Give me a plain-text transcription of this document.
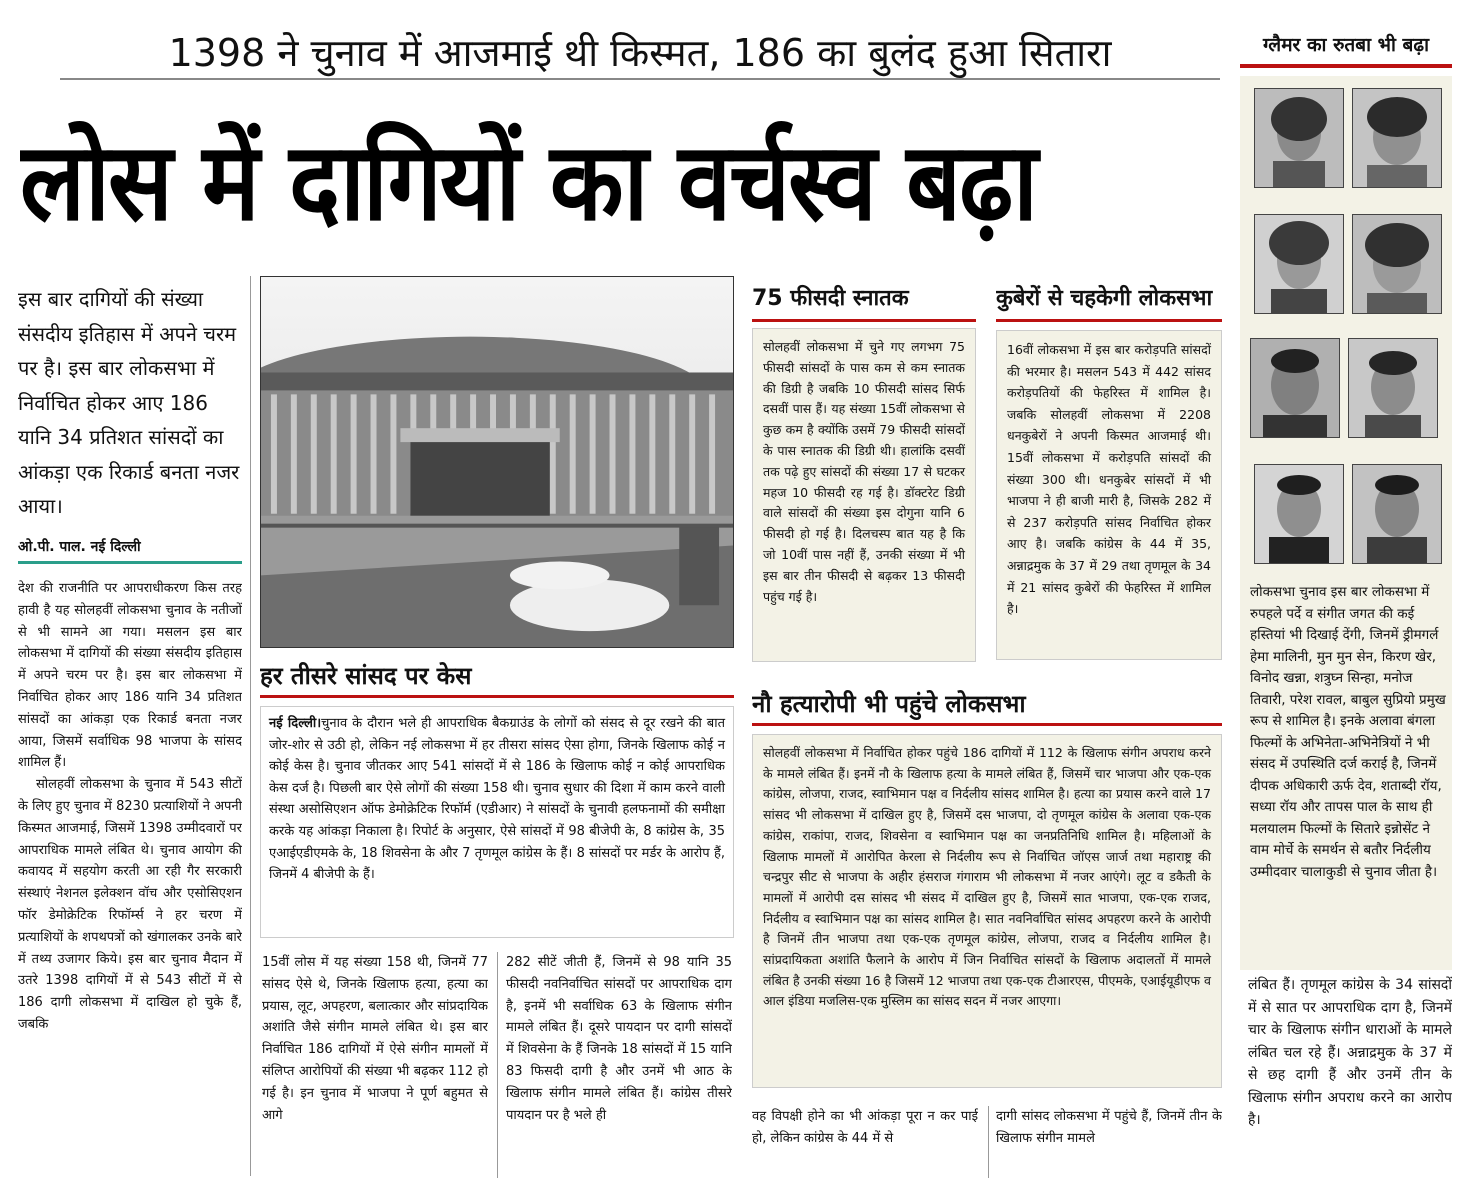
1398 ने चुनाव में आजमाई थी किस्मत, 186 का बुलंद हुआ सितारा
लोस में दागियों का वर्चस्व बढ़ा
ग्लैमर का रुतबा भी बढ़ा
लोकसभा चुनाव इस बार लोकसभा में रुपहले पर्दे व संगीत जगत की कई हस्तियां भी दिखाई देंगी, जिनमें ड्रीमगर्ल हेमा मालिनी, मुन मुन सेन, किरण खेर, विनोद खन्ना, शत्रुघ्न सिन्हा, मनोज तिवारी, परेश रावल, बाबुल सुप्रियो प्रमुख रूप से शामिल है। इनके अलावा बंगला फिल्मों के अभिनेता-अभिनेत्रियों ने भी संसद में उपस्थिति दर्ज कराई है, जिनमें दीपक अधिकारी ऊर्फ देव, शताब्दी रॉय, सध्या रॉय और तापस पाल के साथ ही मलयालम फिल्मों के सितारे इन्नोसेंट ने वाम मोर्चे के समर्थन से बतौर निर्दलीय उम्मीदवार चालाकुडी से चुनाव जीता है।
लंबित हैं। तृणमूल कांग्रेस के 34 सांसदों में से सात पर आपराधिक दाग है, जिनमें चार के खिलाफ संगीन धाराओं के मामले लंबित चल रहे हैं। अन्नाद्रमुक के 37 में से छह दागी हैं और उनमें तीन के खिलाफ संगीन अपराध करने का आरोप है।
इस बार दागियों की संख्या संसदीय इतिहास में अपने चरम पर है। इस बार लोकसभा में निर्वाचित होकर आए 186 यानि 34 प्रतिशत सांसदों का आंकड़ा एक रिकार्ड बनता नजर आया।
ओ.पी. पाल. नई दिल्ली

देश की राजनीति पर आपराधीकरण किस तरह हावी है यह सोलहवीं लोकसभा चुनाव के नतीजों से भी सामने आ गया। मसलन इस बार लोकसभा में दागियों की संख्या संसदीय इतिहास में अपने चरम पर है। इस बार लोकसभा में निर्वाचित होकर आए 186 यानि 34 प्रतिशत सांसदों का आंकड़ा एक रिकार्ड बनता नजर आया, जिसमें सर्वाधिक 98 भाजपा के सांसद शामिल हैं।

सोलहवीं लोकसभा के चुनाव में 543 सीटों के लिए हुए चुनाव में 8230 प्रत्याशियों ने अपनी किस्मत आजमाई, जिसमें 1398 उम्मीदवारों पर आपराधिक मामले लंबित थे। चुनाव आयोग की कवायद में सहयोग करती आ रही गैर सरकारी संस्थाएं नेशनल इलेक्शन वॉच और एसोसिएशन फॉर डेमोक्रेटिक रिफॉर्म्स ने हर चरण में प्रत्याशियों के शपथपत्रों को खंगालकर उनके बारे में तथ्य उजागर किये। इस बार चुनाव मैदान में उतरे 1398 दागियों में से 543 सीटों में से 186 दागी लोकसभा में दाखिल हो चुके हैं, जबकि

हर तीसरे सांसद पर केस
नई दिल्ली।चुनाव के दौरान भले ही आपराधिक बैकग्राउंड के लोगों को संसद से दूर रखने की बात जोर-शोर से उठी हो, लेकिन नई लोकसभा में हर तीसरा सांसद ऐसा होगा, जिनके खिलाफ कोई न कोई केस है। चुनाव जीतकर आए 541 सांसदों में से 186 के खिलाफ कोई न कोई आपराधिक केस दर्ज है। पिछली बार ऐसे लोगों की संख्या 158 थी। चुनाव सुधार की दिशा में काम करने वाली संस्था असोसिएशन ऑफ डेमोक्रेटिक रिफॉर्म (एडीआर) ने सांसदों के चुनावी हलफनामों की समीक्षा करके यह आंकड़ा निकाला है। रिपोर्ट के अनुसार, ऐसे सांसदों में 98 बीजेपी के, 8 कांग्रेस के, 35 एआईएडीएमके के, 18 शिवसेना के और 7 तृणमूल कांग्रेस के हैं। 8 सांसदों पर मर्डर के आरोप हैं, जिनमें 4 बीजेपी के हैं।
15वीं लोस में यह संख्या 158 थी, जिनमें 77 सांसद ऐसे थे, जिनके खिलाफ हत्या, हत्या का प्रयास, लूट, अपहरण, बलात्कार और सांप्रदायिक अशांति जैसे संगीन मामले लंबित थे। इस बार निर्वाचित 186 दागियों में ऐसे संगीन मामलों में संलिप्त आरोपियों की संख्या भी बढ़कर 112 हो गई है। इन चुनाव में भाजपा ने पूर्ण बहुमत से आगे
282 सीटें जीती हैं, जिनमें से 98 यानि 35 फीसदी नवनिर्वाचित सांसदों पर आपराधिक दाग है, इनमें भी सर्वाधिक 63 के खिलाफ संगीन मामले लंबित हैं। दूसरे पायदान पर दागी सांसदों में शिवसेना के हैं जिनके 18 सांसदों में 15 यानि 83 फिसदी दागी है और उनमें भी आठ के खिलाफ संगीन मामले लंबित हैं। कांग्रेस तीसरे पायदान पर है भले ही
75 फीसदी स्नातक
सोलहवीं लोकसभा में चुने गए लगभग 75 फीसदी सांसदों के पास कम से कम स्नातक की डिग्री है जबकि 10 फीसदी सांसद सिर्फ दसवीं पास हैं। यह संख्या 15वीं लोकसभा से कुछ कम है क्योंकि उसमें 79 फीसदी सांसदों के पास स्नातक की डिग्री थी। हालांकि दसवीं तक पढ़े हुए सांसदों की संख्या 17 से घटकर महज 10 फीसदी रह गई है। डॉक्टरेट डिग्री वाले सांसदों की संख्या इस दोगुना यानि 6 फीसदी हो गई है। दिलचस्प बात यह है कि जो 10वीं पास नहीं हैं, उनकी संख्या में भी इस बार तीन फीसदी से बढ़कर 13 फीसदी पहुंच गई है।
कुबेरों से चहकेगी लोकसभा
16वीं लोकसभा में इस बार करोड़पति सांसदों की भरमार है। मसलन 543 में 442 सांसद करोड़पतियों की फेहरिस्त में शामिल है। जबकि सोलहवीं लोकसभा में 2208 धनकुबेरों ने अपनी किस्मत आजमाई थी। 15वीं लोकसभा में करोड़पति सांसदों की संख्या 300 थी। धनकुबेर सांसदों में भी भाजपा ने ही बाजी मारी है, जिसके 282 में से 237 करोड़पति सांसद निर्वाचित होकर आए है। जबकि कांग्रेस के 44 में 35, अन्नाद्रमुक के 37 में 29 तथा तृणमूल के 34 में 21 सांसद कुबेरों की फेहरिस्त में शामिल है।
नौ हत्यारोपी भी पहुंचे लोकसभा
सोलहवीं लोकसभा में निर्वाचित होकर पहुंचे 186 दागियों में 112 के खिलाफ संगीन अपराध करने के मामले लंबित हैं। इनमें नौ के खिलाफ हत्या के मामले लंबित हैं, जिसमें चार भाजपा और एक-एक कांग्रेस, लोजपा, राजद, स्वाभिमान पक्ष व निर्दलीय सांसद शामिल है। हत्या का प्रयास करने वाले 17 सांसद भी लोकसभा में दाखिल हुए है, जिसमें दस भाजपा, दो तृणमूल कांग्रेस के अलावा एक-एक कांग्रेस, राकांपा, राजद, शिवसेना व स्वाभिमान पक्ष का जनप्रतिनिधि शामिल है। महिलाओं के खिलाफ मामलों में आरोपित केरला से निर्दलीय रूप से निर्वाचित जॉएस जार्ज तथा महाराष्ट्र की चन्द्रपुर सीट से भाजपा के अहीर हंसराज गंगाराम भी लोकसभा में नजर आएंगे। लूट व डकैती के मामलों में आरोपी दस सांसद भी संसद में दाखिल हुए है, जिसमें सात भाजपा, एक-एक राजद, निर्दलीय व स्वाभिमान पक्ष का सांसद शामिल है। सात नवनिर्वाचित सांसद अपहरण करने के आरोपी है जिनमें तीन भाजपा तथा एक-एक तृणमूल कांग्रेस, लोजपा, राजद व निर्दलीय शामिल है। सांप्रदायिकता अशांति फैलाने के आरोप में जिन निर्वाचित सांसदों के खिलाफ अदालतों में मामले लंबित है उनकी संख्या 16 है जिसमें 12 भाजपा तथा एक-एक टीआरएस, पीएमके, एआईयूडीएफ व आल इंडिया मजलिस-एक मुस्लिम का सांसद सदन में नजर आएगा।
वह विपक्षी होने का भी आंकड़ा पूरा न कर पाई हो, लेकिन कांग्रेस के 44 में से
दागी सांसद लोकसभा में पहुंचे हैं, जिनमें तीन के खिलाफ संगीन मामले
